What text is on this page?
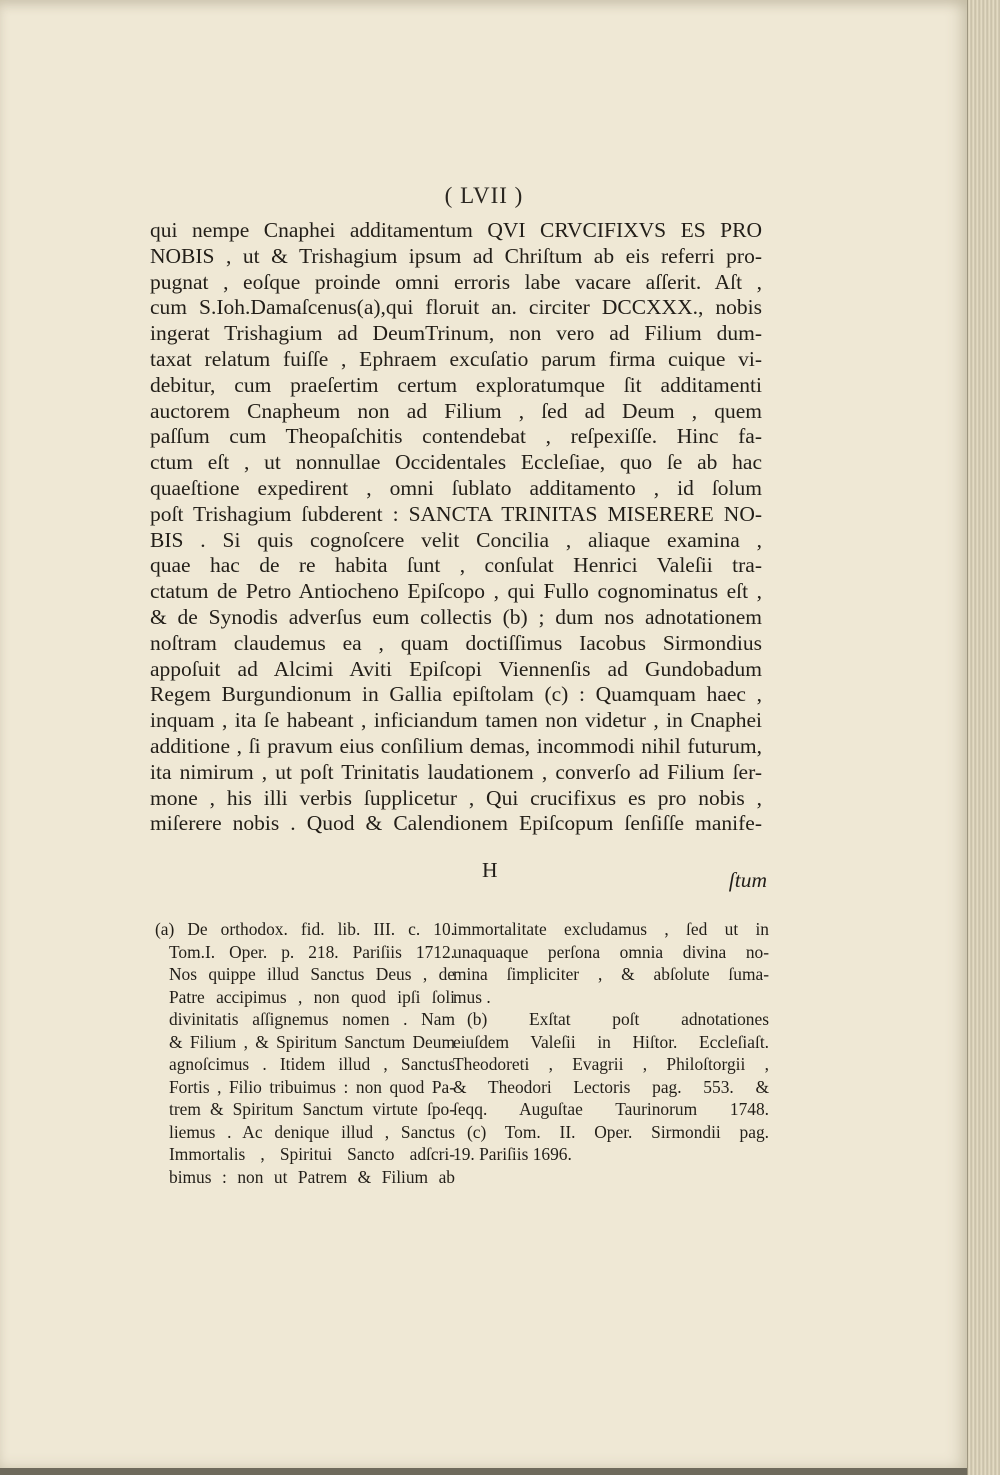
( LVII )
qui nempe Cnaphei additamentum QVI CRVCIFIXVS ES PRO
NOBIS , ut & Trishagium ipsum ad Chriſtum ab eis referri pro-
pugnat , eoſque proinde omni erroris labe vacare aſſerit. Aſt ,
cum S.Ioh.Damaſcenus(a),qui floruit an. circiter DCCXXX., nobis
ingerat Trishagium ad DeumTrinum, non vero ad Filium dum-
taxat relatum fuiſſe , Ephraem excuſatio parum firma cuique vi-
debitur, cum praeſertim certum exploratumque ſit additamenti
auctorem Cnapheum non ad Filium , ſed ad Deum , quem
paſſum cum Theopaſchitis contendebat , reſpexiſſe. Hinc fa-
ctum eſt , ut nonnullae Occidentales Eccleſiae, quo ſe ab hac
quaeſtione expedirent , omni ſublato additamento , id ſolum
poſt Trishagium ſubderent : SANCTA TRINITAS MISERERE NO-
BIS . Si quis cognoſcere velit Concilia , aliaque examina ,
quae hac de re habita ſunt , conſulat Henrici Valeſii tra-
ctatum de Petro Antiocheno Epiſcopo , qui Fullo cognominatus eſt ,
& de Synodis adverſus eum collectis (b) ; dum nos adnotationem
noſtram claudemus ea , quam doctiſſimus Iacobus Sirmondius
appoſuit ad Alcimi Aviti Epiſcopi Viennenſis ad Gundobadum
Regem Burgundionum in Gallia epiſtolam (c) : Quamquam haec ,
inquam , ita ſe habeant , inficiandum tamen non videtur , in Cnaphei
additione , ſi pravum eius conſilium demas, incommodi nihil futurum,
ita nimirum , ut poſt Trinitatis laudationem , converſo ad Filium ſer-
mone , his illi verbis ſupplicetur , Qui crucifixus es pro nobis ,
miſerere nobis . Quod & Calendionem Epiſcopum ſenſiſſe manife-
H	ſtum
(a) De orthodox. fid. lib. III. c. 10.
Tom.I. Oper. p. 218. Pariſiis 1712.
Nos quippe illud Sanctus Deus , de
Patre accipimus , non quod ipſi ſoli
divinitatis aſſignemus nomen . Nam
& Filium , & Spiritum Sanctum Deum
agnoſcimus . Itidem illud , Sanctus
Fortis , Filio tribuimus : non quod Pa-
trem & Spiritum Sanctum virtute ſpo-
liemus . Ac denique illud , Sanctus
Immortalis , Spiritui Sancto adſcri-
bimus : non ut Patrem & Filium ab
immortalitate excludamus , ſed ut in
unaquaque perſona omnia divina no-
mina ſimpliciter , & abſolute ſuma-
mus .
(b) Exſtat poſt adnotationes
eiuſdem Valeſii in Hiſtor. Eccleſiaſt.
Theodoreti , Evagrii , Philoſtorgii ,
& Theodori Lectoris pag. 553. &
ſeqq. Auguſtae Taurinorum 1748.
(c) Tom. II. Oper. Sirmondii pag.
19. Pariſiis 1696.
